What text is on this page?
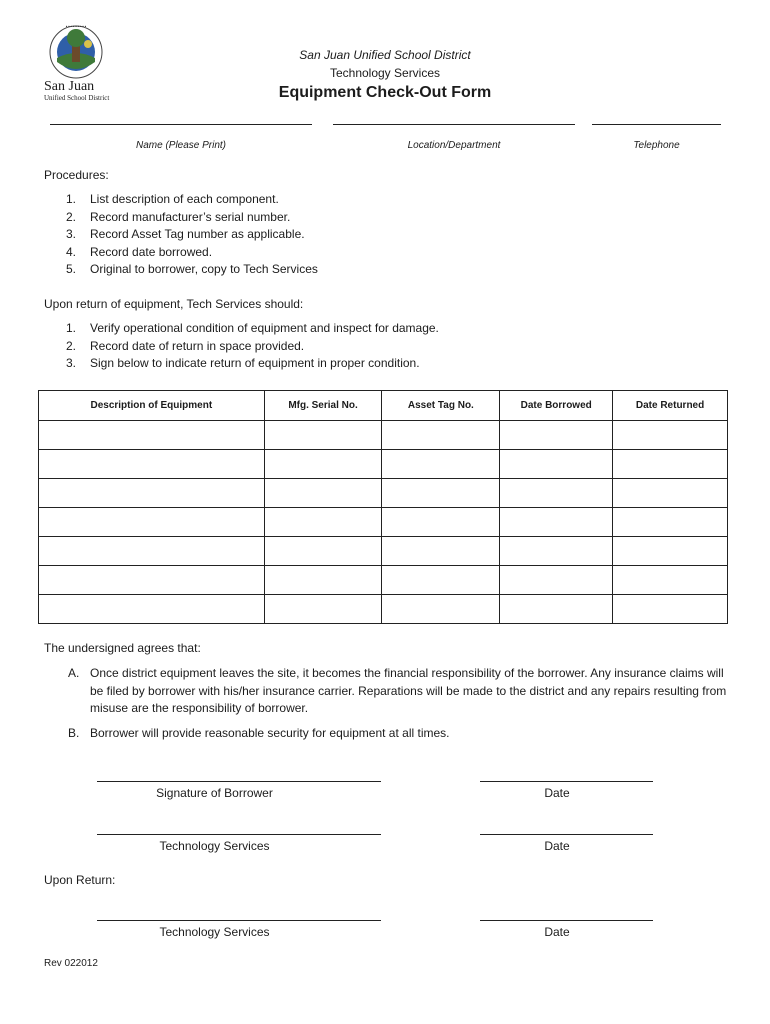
•••••••••
San Juan
Unified School District
San Juan Unified School District
Technology Services
Equipment Check-Out Form
Name (Please Print)	Location/Department	Telephone
Procedures:
1. List description of each component.
2. Record manufacturer’s serial number.
3. Record Asset Tag number as applicable.
4. Record date borrowed.
5. Original to borrower, copy to Tech Services
Upon return of equipment, Tech Services should:
1. Verify operational condition of equipment and inspect for damage.
2. Record date of return in space provided.
3. Sign below to indicate return of equipment in proper condition.
Description of Equipment	Mfg. Serial No.	Asset Tag No.	Date Borrowed	Date Returned

The undersigned agrees that:
A. Once district equipment leaves the site, it becomes the financial responsibility of the borrower. Any insurance claims will be filed by borrower with his/her insurance carrier. Reparations will be made to the district and any repairs resulting from misuse are the responsibility of borrower.
B. Borrower will provide reasonable security for equipment at all times.
Signature of Borrower	Date
Technology Services	Date
Upon Return:
Technology Services	Date
Rev 022012
